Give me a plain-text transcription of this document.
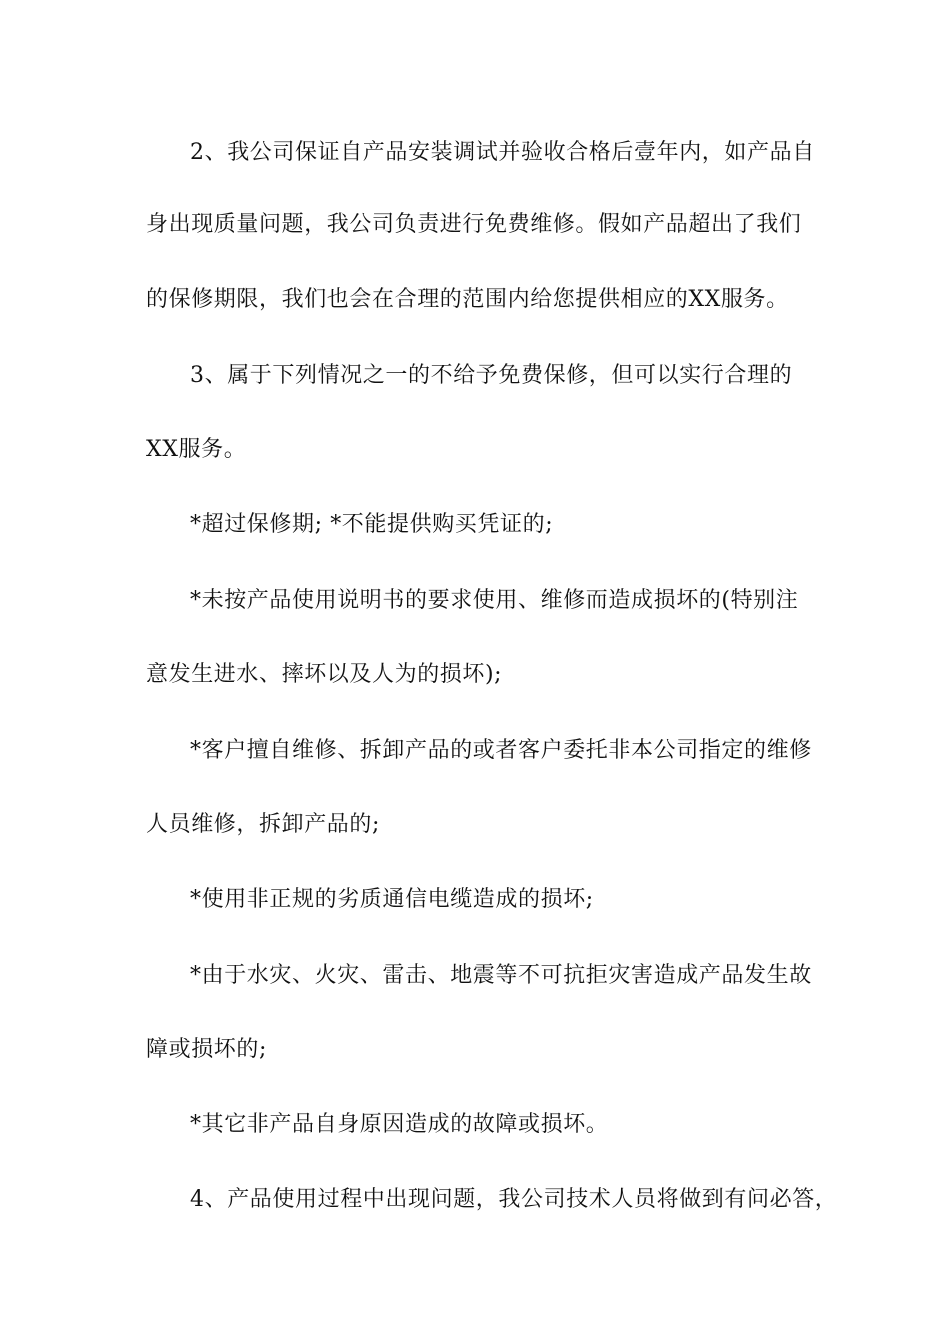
2、我公司保证自产品安装调试并验收合格后壹年内，如产品自
身出现质量问题，我公司负责进行免费维修。假如产品超出了我们
的保修期限，我们也会在合理的范围内给您提供相应的XX服务。
3、属于下列情况之一的不给予免费保修，但可以实行合理的
XX服务。
*超过保修期; *不能提供购买凭证的;
*未按产品使用说明书的要求使用、维修而造成损坏的(特别注
意发生进水、摔坏以及人为的损坏);
*客户擅自维修、拆卸产品的或者客户委托非本公司指定的维修
人员维修，拆卸产品的;
*使用非正规的劣质通信电缆造成的损坏;
*由于水灾、火灾、雷击、地震等不可抗拒灾害造成产品发生故
障或损坏的;
*其它非产品自身原因造成的故障或损坏。
4、产品使用过程中出现问题，我公司技术人员将做到有问必答，
